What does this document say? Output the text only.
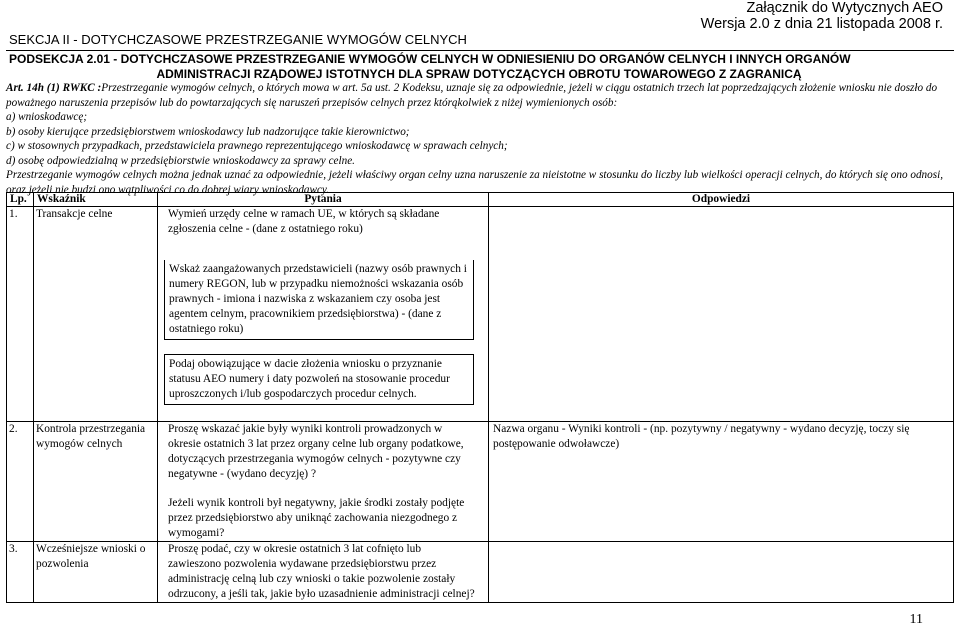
Załącznik do Wytycznych AEO
Wersja 2.0 z dnia 21 listopada 2008 r.
SEKCJA II - DOTYCHCZASOWE PRZESTRZEGANIE WYMOGÓW CELNYCH
PODSEKCJA 2.01 - DOTYCHCZASOWE PRZESTRZEGANIE WYMOGÓW CELNYCH W ODNIESIENIU DO ORGANÓW CELNYCH I INNYCH ORGANÓW
ADMINISTRACJI RZĄDOWEJ ISTOTNYCH DLA SPRAW DOTYCZĄCYCH OBROTU TOWAROWEGO Z ZAGRANICĄ

Art. 14h (1) RWKC :Przestrzeganie wymogów celnych, o których mowa w art. 5a ust. 2 Kodeksu, uznaje się za odpowiednie, jeżeli w ciągu ostatnich trzech lat poprzedzających złożenie wniosku nie doszło do poważnego naruszenia przepisów lub do powtarzających się naruszeń przepisów celnych przez którąkolwiek z niżej wymienionych osób:

a) wnioskodawcę;

b) osoby kierujące przedsiębiorstwem wnioskodawcy lub nadzorujące takie kierownictwo;

c) w stosownych przypadkach, przedstawiciela prawnego reprezentującego wnioskodawcę w sprawach celnych;

d) osobę odpowiedzialną w przedsiębiorstwie wnioskodawcy za sprawy celne.

Przestrzeganie wymogów celnych można jednak uznać za odpowiednie, jeżeli właściwy organ celny uzna naruszenie za nieistotne w stosunku do liczby lub wielkości operacji celnych, do których się ono odnosi, oraz jeżeli nie budzi ono wątpliwości co do dobrej wiary wnioskodawcy.

Lp.	Wskaźnik	Pytania	Odpowiedzi
1.	Transakcje celne	Wymień urzędy celne w ramach UE, w których są składane zgłoszenia celne - (dane z ostatniego roku)
Wskaż zaangażowanych przedstawicieli (nazwy osób prawnych i numery REGON, lub w przypadku niemożności wskazania osób prawnych - imiona i nazwiska z wskazaniem czy osoba jest agentem celnym, pracownikiem przedsiębiorstwa) - (dane z ostatniego roku)
Podaj obowiązujące w dacie złożenia wniosku o przyznanie statusu AEO numery i daty pozwoleń na stosowanie procedur uproszczonych i/lub gospodarczych procedur celnych.	

2.	Kontrola przestrzegania wymogów celnych	Proszę wskazać jakie były wyniki kontroli prowadzonych w okresie ostatnich 3 lat przez organy celne lub organy podatkowe, dotyczących przestrzegania wymogów celnych - pozytywne czy negatywne - (wydano decyzję) ?
Jeżeli wynik kontroli był negatywny, jakie środki zostały podjęte przez przedsiębiorstwo aby uniknąć zachowania niezgodnego z wymogami?	Nazwa organu - Wyniki kontroli - (np. pozytywny / negatywny - wydano decyzję, toczy się postępowanie odwoławcze)
3.	Wcześniejsze wnioski o pozwolenia	Proszę podać, czy w okresie ostatnich 3 lat cofnięto lub zawieszono pozwolenia wydawane przedsiębiorstwu przez administrację celną lub czy wnioski o takie pozwolenie zostały odrzucony, a jeśli tak, jakie było uzasadnienie administracji celnej?	

11
